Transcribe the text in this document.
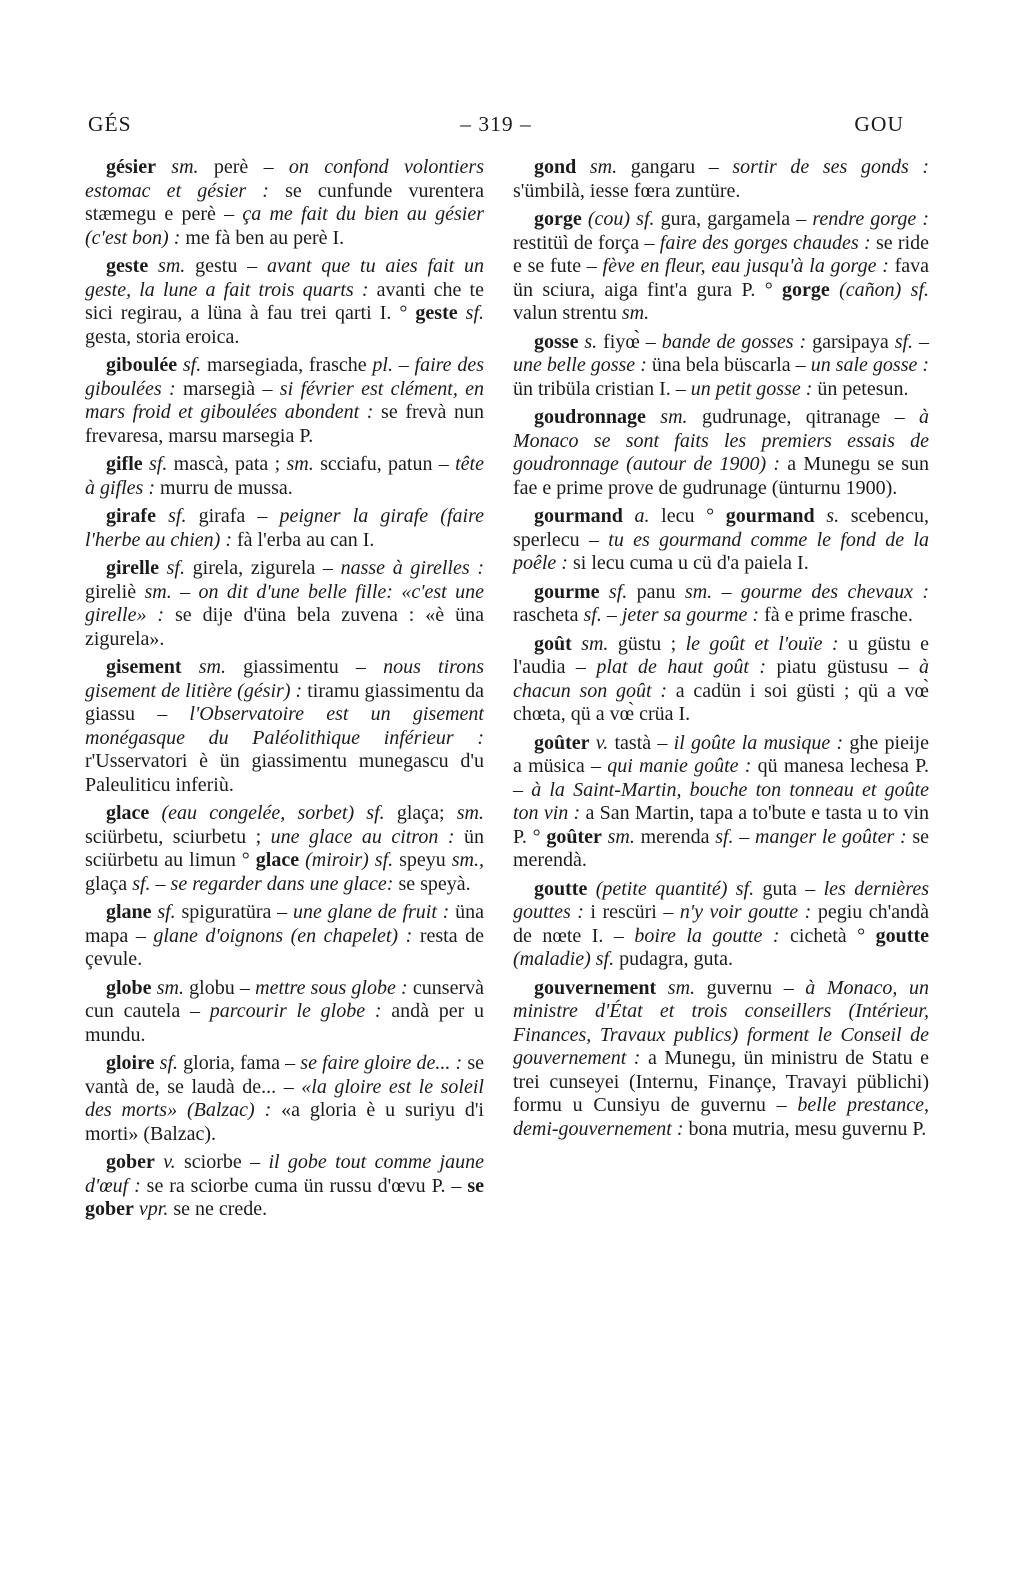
GÉS	– 319 –	GOU

gésier sm. perè – on confond volontiers estomac et gésier : se cunfunde vurentera stæmegu e perè – ça me fait du bien au gésier (c'est bon) : me fà ben au perè I.

geste sm. gestu – avant que tu aies fait un geste, la lune a fait trois quarts : avanti che te sici regirau, a lüna à fau trei qarti I. ° geste sf. gesta, storia eroica.

giboulée sf. marsegiada, frasche pl. – faire des giboulées : marsegià – si février est clément, en mars froid et giboulées abondent : se frevà nun frevaresa, marsu marsegia P.

gifle sf. mascà, pata ; sm. scciafu, patun – tête à gifles : murru de mussa.

girafe sf. girafa – peigner la girafe (faire l'herbe au chien) : fà l'erba au can I.

girelle sf. girela, zigurela – nasse à girelles : gireliè sm. – on dit d'une belle fille: «c'est une girelle» : se dije d'üna bela zuvena : «è üna zigurela».

gisement sm. giassimentu – nous tirons gisement de litière (gésir) : tiramu giassimentu da giassu – l'Observatoire est un gisement monégasque du Paléolithique inférieur : r'Usservatori è ün giassimentu munegascu d'u Paleuliticu inferiù.

glace (eau congelée, sorbet) sf. glaça; sm. sciürbetu, sciurbetu ; une glace au citron : ün sciürbetu au limun ° glace (miroir) sf. speyu sm., glaça sf. – se regarder dans une glace: se speyà.

glane sf. spiguratüra – une glane de fruit : üna mapa – glane d'oignons (en chapelet) : resta de çevule.

globe sm. globu – mettre sous globe : cunservà cun cautela – parcourir le globe : andà per u mundu.

gloire sf. gloria, fama – se faire gloire de... : se vantà de, se laudà de... – «la gloire est le soleil des morts» (Balzac) : «a gloria è u suriyu d'i morti» (Balzac).

gober v. sciorbe – il gobe tout comme jaune d'œuf : se ra sciorbe cuma ün russu d'œvu P. – se gober vpr. se ne crede.

gond sm. gangaru – sortir de ses gonds : s'ümbilà, iesse fœra zuntüre.

gorge (cou) sf. gura, gargamela – rendre gorge : restitüì de força – faire des gorges chaudes : se ride e se fute – fève en fleur, eau jusqu'à la gorge : fava ün sciura, aiga fint'a gura P. ° gorge (cañon) sf. valun strentu sm.

gosse s. fiyœ̀ – bande de gosses : garsipaya sf. – une belle gosse : üna bela büscarla – un sale gosse : ün tribüla cristian I. – un petit gosse : ün petesun.

goudronnage sm. gudrunage, qitranage – à Monaco se sont faits les premiers essais de goudronnage (autour de 1900) : a Munegu se sun fae e prime prove de gudrunage (ünturnu 1900).

gourmand a. lecu ° gourmand s. scebencu, sperlecu – tu es gourmand comme le fond de la poêle : si lecu cuma u cü d'a paiela I.

gourme sf. panu sm. – gourme des chevaux : rascheta sf. – jeter sa gourme : fà e prime frasche.

goût sm. güstu ; le goût et l'ouïe : u güstu e l'audia – plat de haut goût : piatu güstusu – à chacun son goût : a cadün i soi güsti ; qü a vœ̀ chœta, qü a vœ̀ crüa I.

goûter v. tastà – il goûte la musique : ghe pieije a müsica – qui manie goûte : qü manesa lechesa P. – à la Saint-Martin, bouche ton tonneau et goûte ton vin : a San Martin, tapa a to'bute e tasta u to vin P. ° goûter sm. merenda sf. – manger le goûter : se merendà.

goutte (petite quantité) sf. guta – les dernières gouttes : i rescüri – n'y voir goutte : pegiu ch'andà de nœte I. – boire la goutte : cichetà ° goutte (maladie) sf. pudagra, guta.

gouvernement sm. guvernu – à Monaco, un ministre d'État et trois conseillers (Intérieur, Finances, Travaux publics) forment le Conseil de gouvernement : a Munegu, ün ministru de Statu e trei cunseyei (Internu, Finançe, Travayi püblichi) formu u Cunsiyu de guvernu – belle prestance, demi-gouvernement : bona mutria, mesu guvernu P.
